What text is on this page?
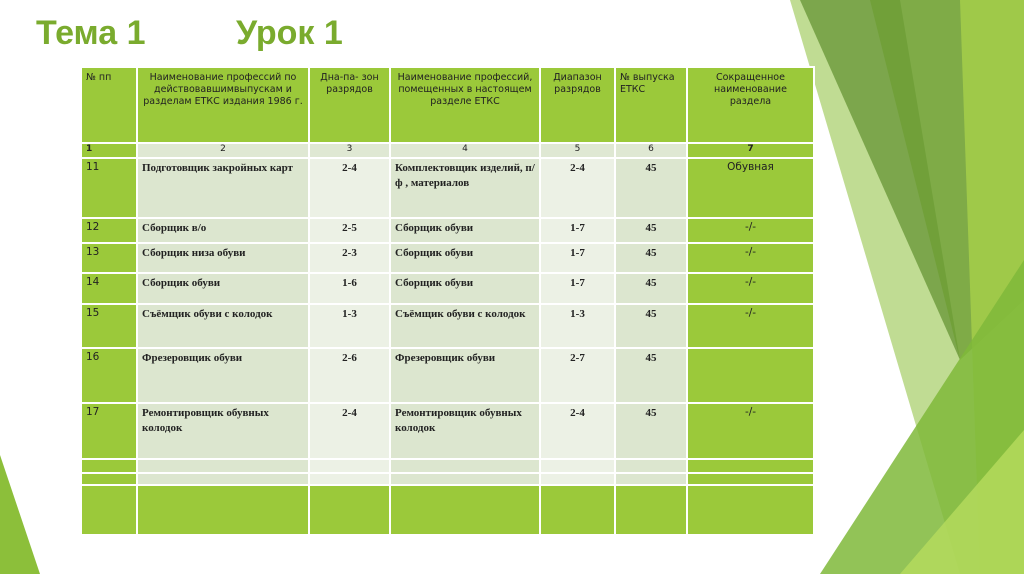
Тема 1	Урок 1
№ пп	Наименование профессий по действовавшимвыпускам и разделам ЕТКС издания 1986 г.	Дна-па- зон разрядов	Наименование профессий, помещенных в настоящем разделе ЕТКС	Диапазон разрядов	№ выпуска ЕТКС	Сокращенное наименование раздела
1	2	3	4	5	6	7
11	Подготовщик закройных карт	2-4	Комплектовщик изделий, п/ф , материалов	2-4	45	Обувная
12	Сборщик в/о	2-5	Сборщик обуви	1-7	45	-/-
13	Сборщик низа обуви	2-3	Сборщик обуви	1-7	45	-/-
14	Сборщик обуви	1-6	Сборщик обуви	1-7	45	-/-
15	Съёмщик обуви с колодок	1-3	Съёмщик обуви с колодок	1-3	45	-/-
16	Фрезеровщик обуви	2-6	Фрезеровщик обуви	2-7	45	
17	Ремонтировщик обувных колодок	2-4	Ремонтировщик обувных колодок	2-4	45	-/-
